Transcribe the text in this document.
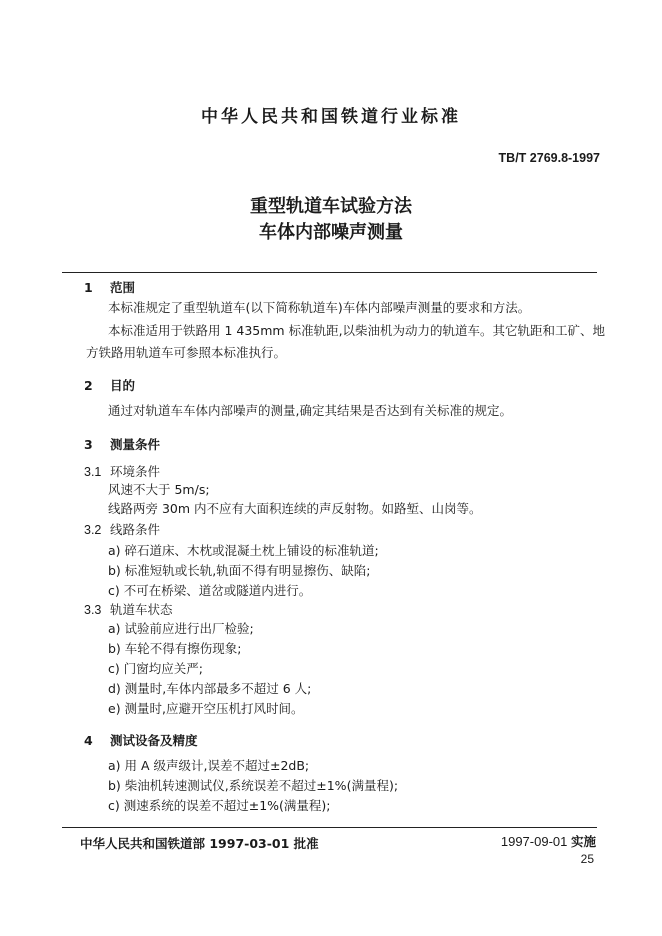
中华人民共和国铁道行业标准
TB/T 2769.8-1997
重型轨道车试验方法
车体内部噪声测量
1 范围
本标准规定了重型轨道车(以下简称轨道车)车体内部噪声测量的要求和方法。
本标准适用于铁路用 1 435mm 标准轨距,以柴油机为动力的轨道车。其它轨距和工矿、地
方铁路用轨道车可参照本标准执行。
2 目的
通过对轨道车车体内部噪声的测量,确定其结果是否达到有关标准的规定。
3 测量条件
3.1 环境条件
风速不大于 5m/s;
线路两旁 30m 内不应有大面积连续的声反射物。如路堑、山岗等。
3.2 线路条件
a) 碎石道床、木枕或混凝土枕上铺设的标准轨道;
b) 标准短轨或长轨,轨面不得有明显擦伤、缺陷;
c) 不可在桥梁、道岔或隧道内进行。
3.3 轨道车状态
a) 试验前应进行出厂检验;
b) 车轮不得有擦伤现象;
c) 门窗均应关严;
d) 测量时,车体内部最多不超过 6 人;
e) 测量时,应避开空压机打风时间。
4 测试设备及精度
a) 用 A 级声级计,误差不超过±2dB;
b) 柴油机转速测试仪,系统误差不超过±1%(满量程);
c) 测速系统的误差不超过±1%(满量程);
中华人民共和国铁道部 1997-03-01 批准	1997-09-01 实施
25
